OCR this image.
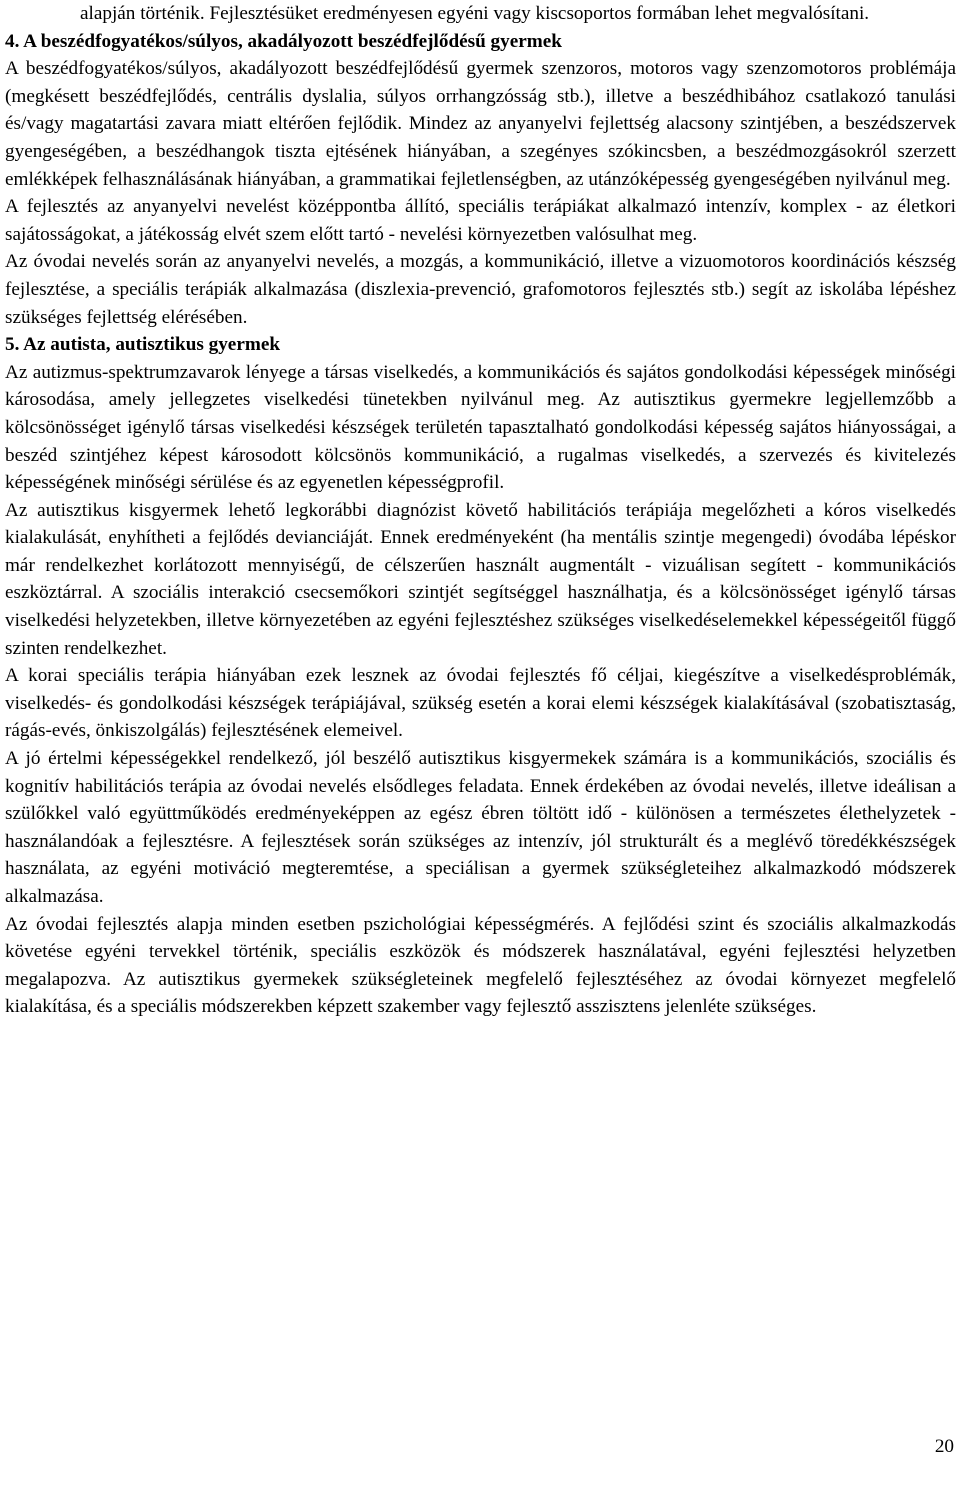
alapján történik. Fejlesztésüket eredményesen egyéni vagy kiscsoportos formában lehet megvalósítani.

4. A beszédfogyatékos/súlyos, akadályozott beszédfejlődésű gyermek

A beszédfogyatékos/súlyos, akadályozott beszédfejlődésű gyermek szenzoros, motoros vagy szenzomotoros problémája (megkésett beszédfejlődés, centrális dyslalia, súlyos orrhangzósság stb.), illetve a beszédhibához csatlakozó tanulási és/vagy magatartási zavara miatt eltérően fejlődik. Mindez az anyanyelvi fejlettség alacsony szintjében, a beszédszervek gyengeségében, a beszédhangok tiszta ejtésének hiányában, a szegényes szókincsben, a beszédmozgásokról szerzett emlékképek felhasználásának hiányában, a grammatikai fejletlenségben, az utánzóképesség gyengeségében nyilvánul meg.

A fejlesztés az anyanyelvi nevelést középpontba állító, speciális terápiákat alkalmazó intenzív, komplex - az életkori sajátosságokat, a játékosság elvét szem előtt tartó - nevelési környezetben valósulhat meg.

Az óvodai nevelés során az anyanyelvi nevelés, a mozgás, a kommunikáció, illetve a vizuomotoros koordinációs készség fejlesztése, a speciális terápiák alkalmazása (diszlexia-prevenció, grafomotoros fejlesztés stb.) segít az iskolába lépéshez szükséges fejlettség elérésében.

5. Az autista, autisztikus gyermek

Az autizmus-spektrumzavarok lényege a társas viselkedés, a kommunikációs és sajátos gondolkodási képességek minőségi károsodása, amely jellegzetes viselkedési tünetekben nyilvánul meg. Az autisztikus gyermekre legjellemzőbb a kölcsönösséget igénylő társas viselkedési készségek területén tapasztalható gondolkodási képesség sajátos hiányosságai, a beszéd szintjéhez képest károsodott kölcsönös kommunikáció, a rugalmas viselkedés, a szervezés és kivitelezés képességének minőségi sérülése és az egyenetlen képességprofil.

Az autisztikus kisgyermek lehető legkorábbi diagnózist követő habilitációs terápiája megelőzheti a kóros viselkedés kialakulását, enyhítheti a fejlődés devianciáját. Ennek eredményeként (ha mentális szintje megengedi) óvodába lépéskor már rendelkezhet korlátozott mennyiségű, de célszerűen használt augmentált - vizuálisan segített - kommunikációs eszköztárral. A szociális interakció csecsemőkori szintjét segítséggel használhatja, és a kölcsönösséget igénylő társas viselkedési helyzetekben, illetve környezetében az egyéni fejlesztéshez szükséges viselkedéselemekkel képességeitől függő szinten rendelkezhet.

A korai speciális terápia hiányában ezek lesznek az óvodai fejlesztés fő céljai, kiegészítve a viselkedésproblémák, viselkedés- és gondolkodási készségek terápiájával, szükség esetén a korai elemi készségek kialakításával (szobatisztaság, rágás-evés, önkiszolgálás) fejlesztésének elemeivel.

A jó értelmi képességekkel rendelkező, jól beszélő autisztikus kisgyermekek számára is a kommunikációs, szociális és kognitív habilitációs terápia az óvodai nevelés elsődleges feladata. Ennek érdekében az óvodai nevelés, illetve ideálisan a szülőkkel való együttműködés eredményeképpen az egész ébren töltött idő - különösen a természetes élethelyzetek - használandóak a fejlesztésre. A fejlesztések során szükséges az intenzív, jól strukturált és a meglévő töredékkészségek használata, az egyéni motiváció megteremtése, a speciálisan a gyermek szükségleteihez alkalmazkodó módszerek alkalmazása.

Az óvodai fejlesztés alapja minden esetben pszichológiai képességmérés. A fejlődési szint és szociális alkalmazkodás követése egyéni tervekkel történik, speciális eszközök és módszerek használatával, egyéni fejlesztési helyzetben megalapozva. Az autisztikus gyermekek szükségleteinek megfelelő fejlesztéséhez az óvodai környezet megfelelő kialakítása, és a speciális módszerekben képzett szakember vagy fejlesztő asszisztens jelenléte szükséges.

20
